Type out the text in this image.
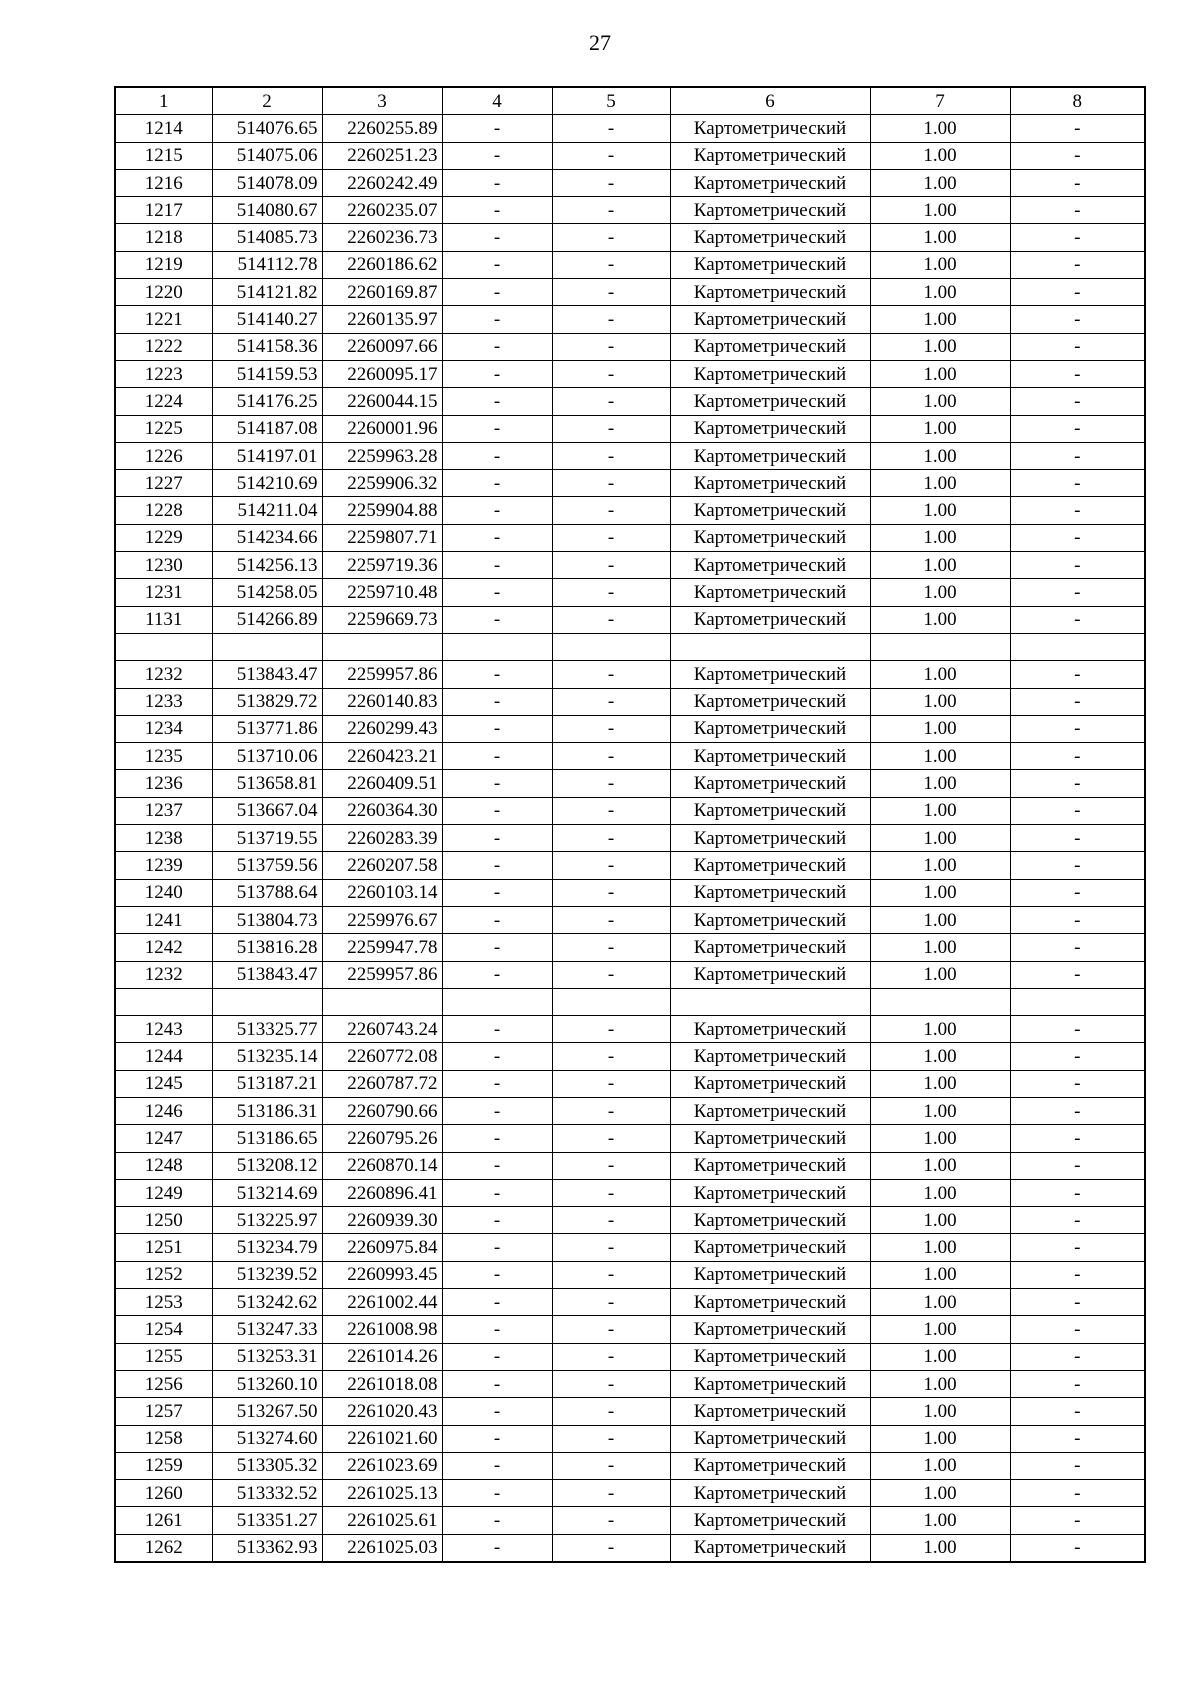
27
1	2	3	4	5	6	7	8
1214	514076.65	2260255.89	-	-	Картометрический	1.00	-
1215	514075.06	2260251.23	-	-	Картометрический	1.00	-
1216	514078.09	2260242.49	-	-	Картометрический	1.00	-
1217	514080.67	2260235.07	-	-	Картометрический	1.00	-
1218	514085.73	2260236.73	-	-	Картометрический	1.00	-
1219	514112.78	2260186.62	-	-	Картометрический	1.00	-
1220	514121.82	2260169.87	-	-	Картометрический	1.00	-
1221	514140.27	2260135.97	-	-	Картометрический	1.00	-
1222	514158.36	2260097.66	-	-	Картометрический	1.00	-
1223	514159.53	2260095.17	-	-	Картометрический	1.00	-
1224	514176.25	2260044.15	-	-	Картометрический	1.00	-
1225	514187.08	2260001.96	-	-	Картометрический	1.00	-
1226	514197.01	2259963.28	-	-	Картометрический	1.00	-
1227	514210.69	2259906.32	-	-	Картометрический	1.00	-
1228	514211.04	2259904.88	-	-	Картометрический	1.00	-
1229	514234.66	2259807.71	-	-	Картометрический	1.00	-
1230	514256.13	2259719.36	-	-	Картометрический	1.00	-
1231	514258.05	2259710.48	-	-	Картометрический	1.00	-
1131	514266.89	2259669.73	-	-	Картометрический	1.00	-

1232	513843.47	2259957.86	-	-	Картометрический	1.00	-
1233	513829.72	2260140.83	-	-	Картометрический	1.00	-
1234	513771.86	2260299.43	-	-	Картометрический	1.00	-
1235	513710.06	2260423.21	-	-	Картометрический	1.00	-
1236	513658.81	2260409.51	-	-	Картометрический	1.00	-
1237	513667.04	2260364.30	-	-	Картометрический	1.00	-
1238	513719.55	2260283.39	-	-	Картометрический	1.00	-
1239	513759.56	2260207.58	-	-	Картометрический	1.00	-
1240	513788.64	2260103.14	-	-	Картометрический	1.00	-
1241	513804.73	2259976.67	-	-	Картометрический	1.00	-
1242	513816.28	2259947.78	-	-	Картометрический	1.00	-
1232	513843.47	2259957.86	-	-	Картометрический	1.00	-

1243	513325.77	2260743.24	-	-	Картометрический	1.00	-
1244	513235.14	2260772.08	-	-	Картометрический	1.00	-
1245	513187.21	2260787.72	-	-	Картометрический	1.00	-
1246	513186.31	2260790.66	-	-	Картометрический	1.00	-
1247	513186.65	2260795.26	-	-	Картометрический	1.00	-
1248	513208.12	2260870.14	-	-	Картометрический	1.00	-
1249	513214.69	2260896.41	-	-	Картометрический	1.00	-
1250	513225.97	2260939.30	-	-	Картометрический	1.00	-
1251	513234.79	2260975.84	-	-	Картометрический	1.00	-
1252	513239.52	2260993.45	-	-	Картометрический	1.00	-
1253	513242.62	2261002.44	-	-	Картометрический	1.00	-
1254	513247.33	2261008.98	-	-	Картометрический	1.00	-
1255	513253.31	2261014.26	-	-	Картометрический	1.00	-
1256	513260.10	2261018.08	-	-	Картометрический	1.00	-
1257	513267.50	2261020.43	-	-	Картометрический	1.00	-
1258	513274.60	2261021.60	-	-	Картометрический	1.00	-
1259	513305.32	2261023.69	-	-	Картометрический	1.00	-
1260	513332.52	2261025.13	-	-	Картометрический	1.00	-
1261	513351.27	2261025.61	-	-	Картометрический	1.00	-
1262	513362.93	2261025.03	-	-	Картометрический	1.00	-
